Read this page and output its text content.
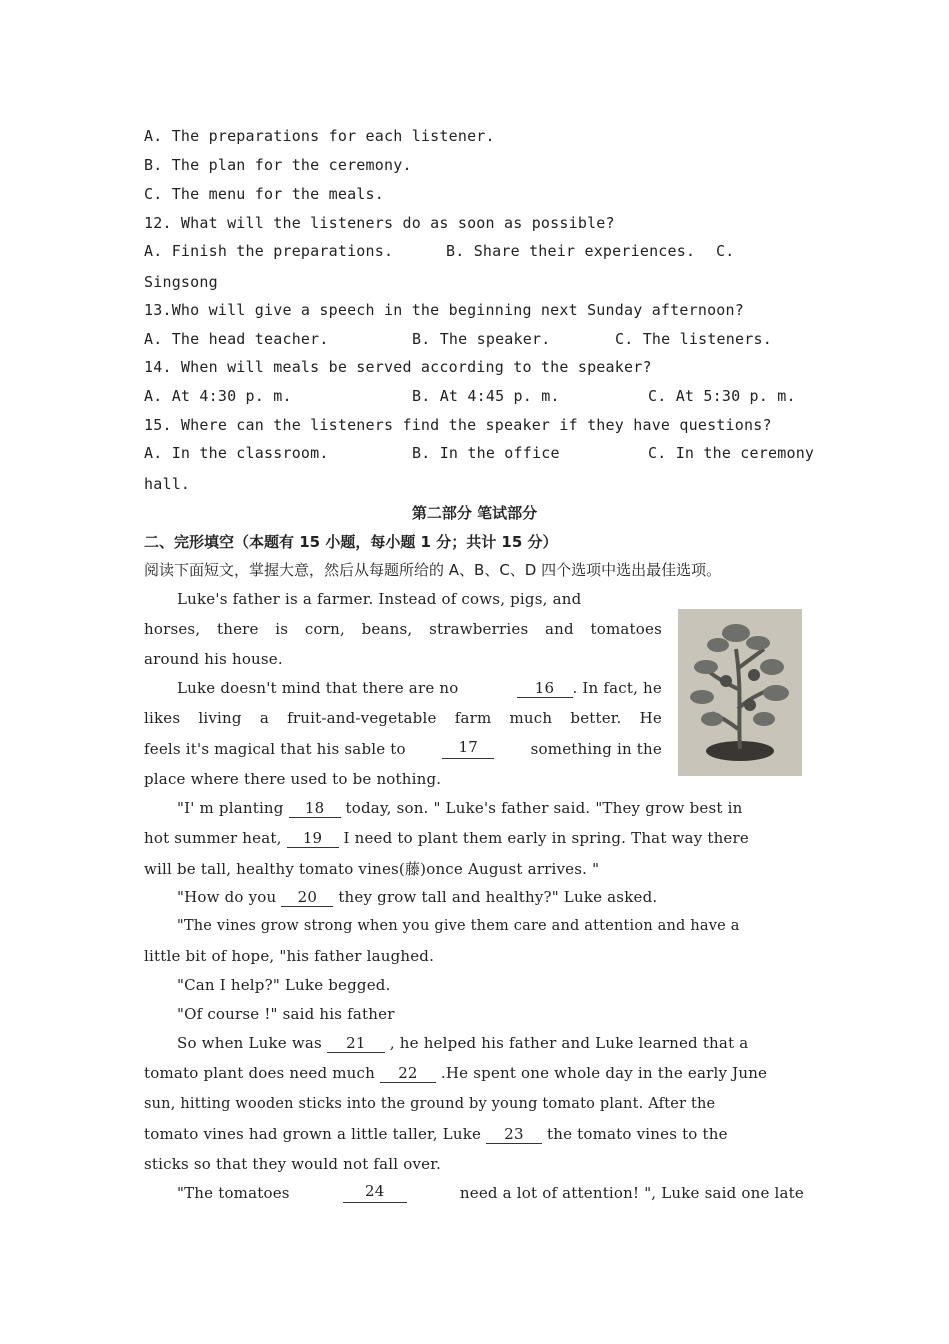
A. The preparations for each listener.
B. The plan for the ceremony.
C. The menu for the meals.
12. What will the listeners do as soon as possible?
A. Finish the preparations.	B. Share their experiences. C.
Singsong
13.Who will give a speech in the beginning next Sunday afternoon?
A. The head teacher.	B. The speaker.	C. The listeners.
14. When will meals be served according to the speaker?
A. At 4:30 p. m.	B. At 4:45 p. m.	C. At 5:30 p. m.
15. Where can the listeners find the speaker if they have questions?
A. In the classroom.	B. In the office	C. In the ceremony
hall.
第二部分 笔试部分
二、完形填空（本题有 15 小题，每小题 1 分；共计 15 分）
阅读下面短文，掌握大意，然后从每题所给的 A、B、C、D 四个选项中选出最佳选项。
Luke's father is a farmer. Instead of cows, pigs, and
horses, there is corn, beans, strawberries and tomatoes
around his house.
Luke doesn't mind that there are no	16 . In fact, he
likes living a fruit-and-vegetable farm much better. He
feels it's magical that his sable to	17	something in the
place where there used to be nothing.
"I' m planting 18 today, son. " Luke's father said. "They grow best in
hot summer heat, 19 I need to plant them early in spring. That way there
will be tall, healthy tomato vines(藤)once August arrives. "
"How do you 20 they grow tall and healthy?" Luke asked.
"The vines grow strong when you give them care and attention and have a
little bit of hope, "his father laughed.
"Can I help?" Luke begged.
"Of course !" said his father
So when Luke was 21 , he helped his father and Luke learned that a
tomato plant does need much 22 .He spent one whole day in the early June
sun, hitting wooden sticks into the ground by young tomato plant. After the
tomato vines had grown a little taller, Luke 23 the tomato vines to the
sticks so that they would not fall over.
"The tomatoes	24	need a lot of attention! ", Luke said one late
